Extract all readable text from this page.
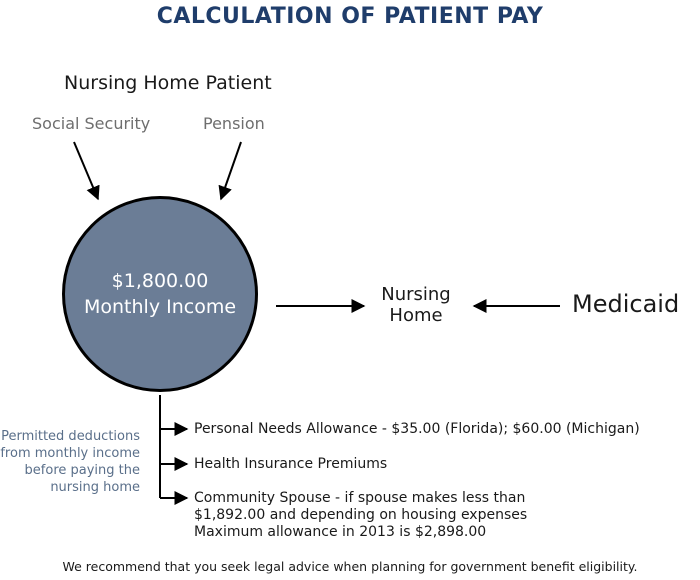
CALCULATION OF PATIENT PAY
Nursing Home Patient
Social Security	Pension
$1,800.00
Monthly Income
Nursing
Home	Medicaid
Permitted deductions
from monthly income
before paying the
nursing home
Personal Needs Allowance - $35.00 (Florida); $60.00 (Michigan)
Health Insurance Premiums
Community Spouse - if spouse makes less than
$1,892.00 and depending on housing expenses
Maximum allowance in 2013 is $2,898.00
We recommend that you seek legal advice when planning for government benefit eligibility.
